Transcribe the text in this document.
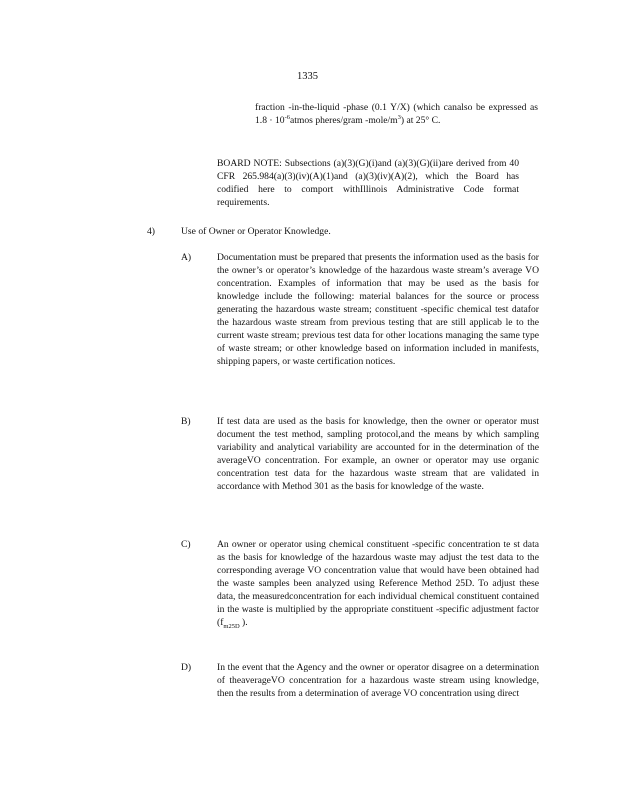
1335
fraction -in-the-liquid -phase (0.1 Y/X) (which canalso be expressed as $1.8 \cdot 10^{-6}atmos$ pheres/gram $-mole/m^3$) at 25° C.
BOARD NOTE: Subsections (a)(3)(G)(i)and (a)(3)(G)(ii)are derived from 40 CFR 265.984(a)(3)(iv)(A)(1)and (a)(3)(iv)(A)(2), which the Board has codified here to comport withIllinois Administrative Code format requirements.
4)	Use of Owner or Operator Knowledge.
A)	Documentation must be prepared that presents the information used as the basis for the owner’s or operator’s knowledge of the hazardous waste stream’s average VO concentration. Examples of information that may be used as the basis for knowledge include the following: material balances for the source or process generating the hazardous waste stream; constituent -specific chemical test datafor the hazardous waste stream from previous testing that are still applicab le to the current waste stream; previous test data for other locations managing the same type of waste stream; or other knowledge based on information included in manifests, shipping papers, or waste certification notices.
B)	If test data are used as the basis for knowledge, then the owner or operator must document the test method, sampling protocol,and the means by which sampling variability and analytical variability are accounted for in the determination of the averageVO concentration. For example, an owner or operator may use organic concentration test data for the hazardous waste stream that are validated in accordance with Method 301 as the basis for knowledge of the waste.
C)	An owner or operator using chemical constituent -specific concentration te st data as the basis for knowledge of the hazardous waste may adjust the test data to the corresponding average VO concentration value that would have been obtained had the waste samples been analyzed using Reference Method 25D. To adjust these data, the measuredconcentration for each individual chemical constituent contained in the waste is multiplied by the appropriate constituent -specific adjustment factor ($f_{m25D}$ ).
D)	In the event that the Agency and the owner or operator disagree on a determination of theaverageVO concentration for a hazardous waste stream using knowledge, then the results from a determination of average VO concentration using direct
